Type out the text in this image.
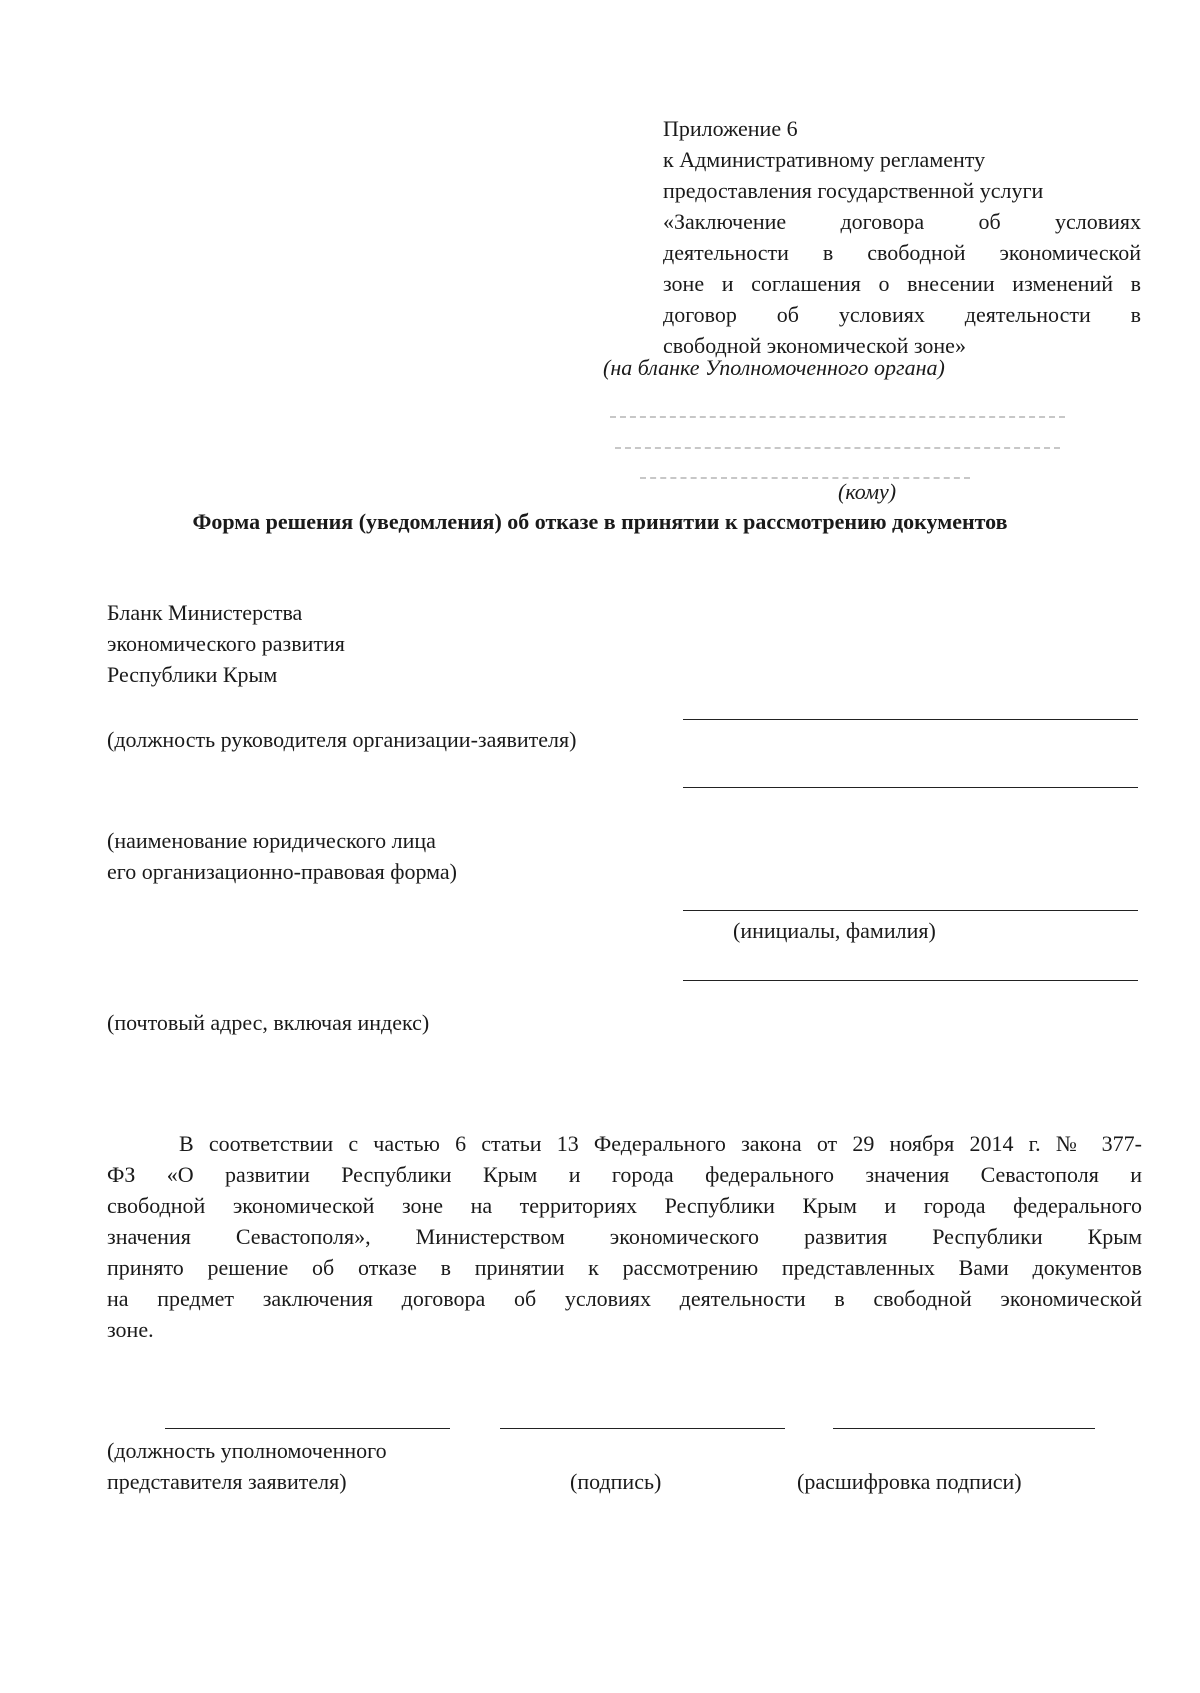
Приложение 6
к Административному регламенту
предоставления государственной услуги
«Заключение договора об условиях
деятельности в свободной экономической
зоне и соглашения о внесении изменений в
договор об условиях деятельности в
свободной экономической зоне»
(на бланке Уполномоченного органа)
(кому)
Форма решения (уведомления) об отказе в принятии к рассмотрению документов
Бланк Министерства
экономического развития
Республики Крым
(должность руководителя организации-заявителя)
(наименование юридического лица
его организационно-правовая форма)
(инициалы, фамилия)
(почтовый адрес, включая индекс)
В соответствии с частью 6 статьи 13 Федерального закона от 29 ноября 2014 г. № 377-
ФЗ «О развитии Республики Крым и города федерального значения Севастополя и
свободной экономической зоне на территориях Республики Крым и города федерального
значения Севастополя», Министерством экономического развития Республики Крым
принято решение об отказе в принятии к рассмотрению представленных Вами документов
на предмет заключения договора об условиях деятельности в свободной экономической
зоне.
(должность уполномоченного
представителя заявителя)	(подпись)	(расшифровка подписи)
